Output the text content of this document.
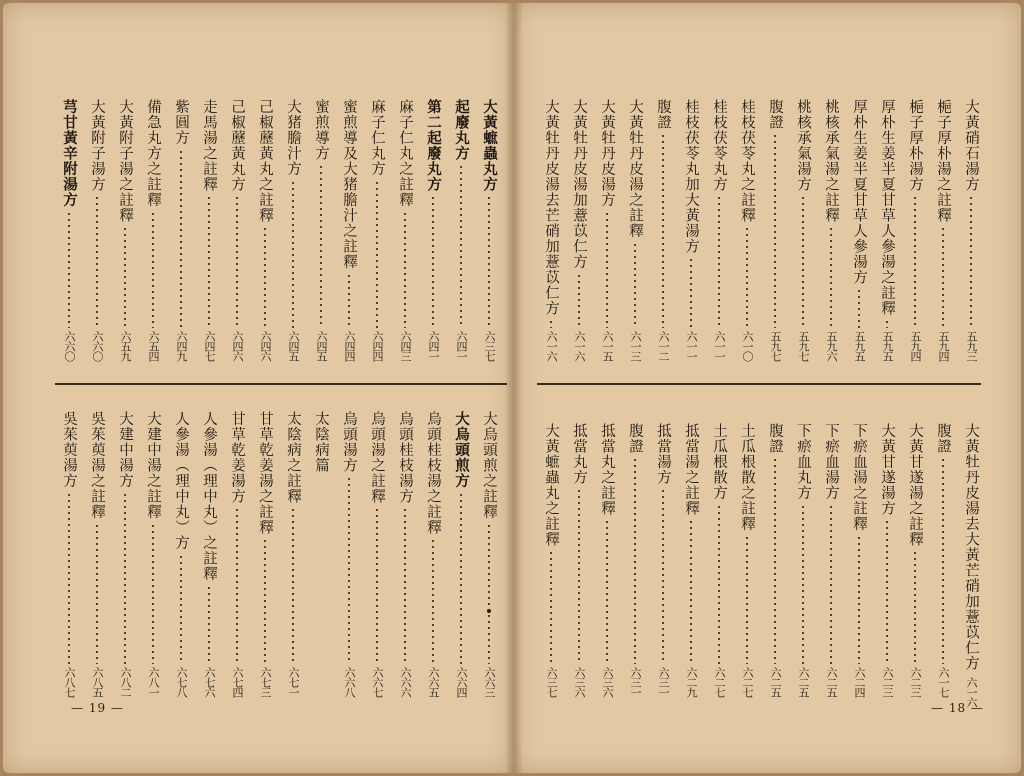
大黃蟅蟲丸方
六三七
起廢丸方
六四一
第二起廢丸方
六四一
麻子仁丸之註釋
六四三
麻子仁丸方
六四四
蜜煎導及大猪膽汁之註釋
六四四
蜜煎導方
六四五
大猪膽汁方
六四五
己椒藶黃丸之註釋
六四六
己椒藶黃丸方
六四六
走馬湯之註釋
六四七
紫圓方
六四九
備急丸方之註釋
六五四
大黃附子湯之註釋
六五九
大黃附子湯方
六六〇
芎甘黃辛附湯方
六六〇
大烏頭煎之註釋
六六三
大烏頭煎方
六六四
烏頭桂枝湯之註釋
六六五
烏頭桂枝湯方
六六六
烏頭湯之註釋
六六七
烏頭湯方
六六八
太陰病篇
太陰病之註釋
六七一
甘草乾姜湯之註釋
六七三
甘草乾姜湯方
六七四
人參湯（理中丸）之註釋
六七六
人參湯（理中丸）方
六七八
大建中湯之註釋
六八一
大建中湯方
六八二
吳茱萸湯之註釋
六八五
吳茱萸湯方
六八七
— 19 —
大黃硝石湯方
五九三
梔子厚朴湯之註釋
五九四
梔子厚朴湯方
五九四
厚朴生姜半夏甘草人參湯之註釋
五九五
厚朴生姜半夏甘草人參湯方
五九五
桃核承氣湯之註釋
五九六
桃核承氣湯方
五九七
腹證
五九七
桂枝茯苓丸之註釋
六一〇
桂枝茯苓丸方
六一一
桂枝茯苓丸加大黃湯方
六一一
腹證
六一二
大黃牡丹皮湯之註釋
六一三
大黃牡丹皮湯方
六一五
大黃牡丹皮湯加薏苡仁方
六一六
大黃牡丹皮湯去芒硝加薏苡仁方
六一六
大黃牡丹皮湯去大黃芒硝加薏苡仁方
六一六
腹證
六一七
大黃甘遂湯之註釋
六二三
大黃甘遂湯方
六二三
下瘀血湯之註釋
六二四
下瘀血湯方
六二五
下瘀血丸方
六二五
腹證
六二五
土瓜根散之註釋
六二七
土瓜根散方
六二七
抵當湯之註釋
六二九
抵當湯方
六三一
腹證
六三一
抵當丸之註釋
六三六
抵當丸方
六三六
大黃蟅蟲丸之註釋
六三七
— 18 —
